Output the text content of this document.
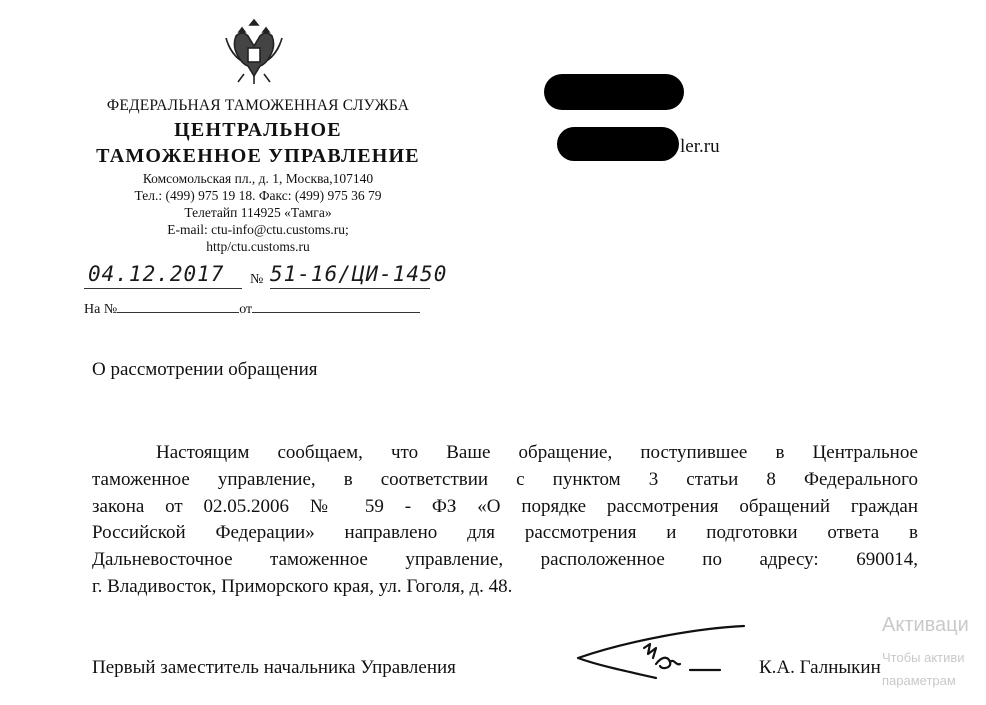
ФЕДЕРАЛЬНАЯ ТАМОЖЕННАЯ СЛУЖБА
ЦЕНТРАЛЬНОЕ
ТАМОЖЕННОЕ УПРАВЛЕНИЕ
Комсомольская пл., д. 1, Москва,107140
Тел.: (499) 975 19 18. Факс: (499) 975 36 79
Телетайп 114925 «Тамга»
E-mail: ctu-info@ctu.customs.ru;
http/ctu.customs.ru
04.12.2017 № 51-16/ЦИ-1450
На №	от
ler.ru
О рассмотрении обращения
Настоящим сообщаем, что Ваше обращение, поступившее в Центральное
таможенное управление, в соответствии с пунктом 3 статьи 8 Федерального
закона от 02.05.2006 № 59 - ФЗ «О порядке рассмотрения обращений граждан
Российской Федерации» направлено для рассмотрения и подготовки ответа в
Дальневосточное таможенное управление, расположенное по адресу: 690014,
г. Владивосток, Приморского края, ул. Гоголя, д. 48.
Первый заместитель начальника Управления	К.А. Галныкин
Активаци
Чтобы активи
параметрам
